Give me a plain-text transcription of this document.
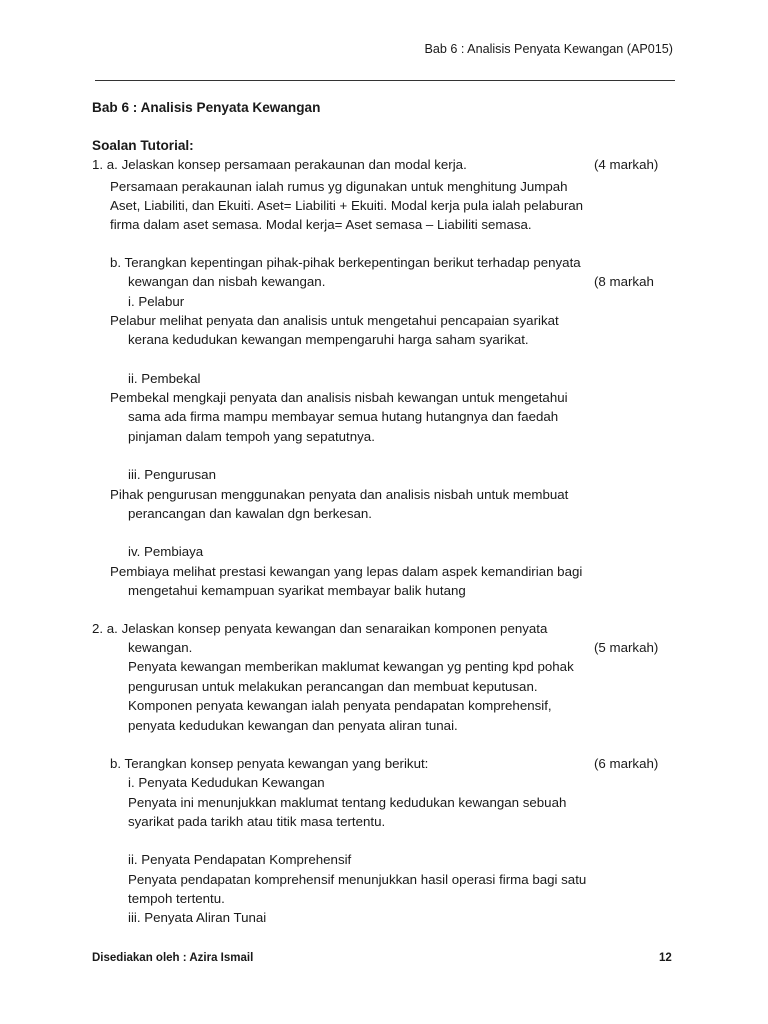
Bab 6 : Analisis Penyata Kewangan (AP015)
Bab 6 : Analisis Penyata Kewangan
Soalan Tutorial:
1. a. Jelaskan konsep persamaan perakaunan dan modal kerja.	(4 markah)
Persamaan perakaunan ialah rumus yg digunakan untuk menghitung Jumpah
Aset, Liabiliti, dan Ekuiti. Aset= Liabiliti + Ekuiti. Modal kerja pula ialah pelaburan
firma dalam aset semasa. Modal kerja= Aset semasa – Liabiliti semasa.
b. Terangkan kepentingan pihak-pihak berkepentingan berikut terhadap penyata
kewangan dan nisbah kewangan.	(8 markah
i. Pelabur
Pelabur melihat penyata dan analisis untuk mengetahui pencapaian syarikat
kerana kedudukan kewangan mempengaruhi harga saham syarikat.
ii. Pembekal
Pembekal mengkaji penyata dan analisis nisbah kewangan untuk mengetahui
sama ada firma mampu membayar semua hutang hutangnya dan faedah
pinjaman dalam tempoh yang sepatutnya.
iii. Pengurusan
Pihak pengurusan menggunakan penyata dan analisis nisbah untuk membuat
perancangan dan kawalan dgn berkesan.
iv. Pembiaya
Pembiaya melihat prestasi kewangan yang lepas dalam aspek kemandirian bagi
mengetahui kemampuan syarikat membayar balik hutang
2. a. Jelaskan konsep penyata kewangan dan senaraikan komponen penyata
kewangan.	(5 markah)
Penyata kewangan memberikan maklumat kewangan yg penting kpd pohak
pengurusan untuk melakukan perancangan dan membuat keputusan.
Komponen penyata kewangan ialah penyata pendapatan komprehensif,
penyata kedudukan kewangan dan penyata aliran tunai.
b. Terangkan konsep penyata kewangan yang berikut:	(6 markah)
i. Penyata Kedudukan Kewangan
Penyata ini menunjukkan maklumat tentang kedudukan kewangan sebuah
syarikat pada tarikh atau titik masa tertentu.
ii. Penyata Pendapatan Komprehensif
Penyata pendapatan komprehensif menunjukkan hasil operasi firma bagi satu
tempoh tertentu.
iii. Penyata Aliran Tunai
Disediakan oleh : Azira Ismail	12
